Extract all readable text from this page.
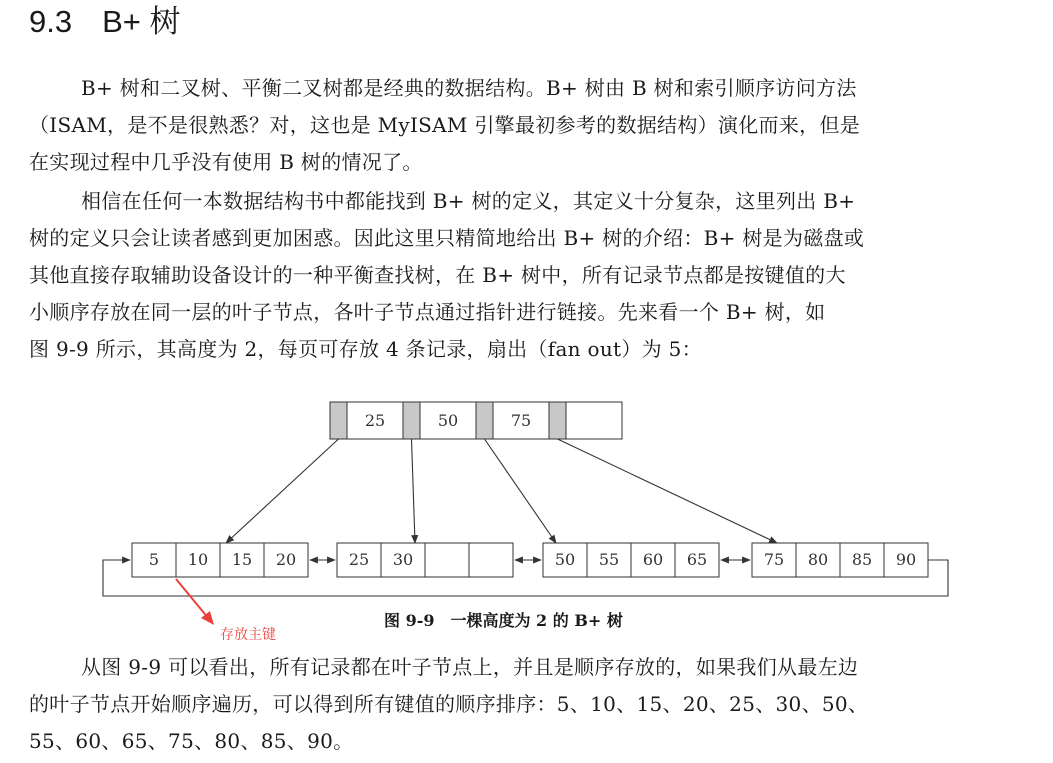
9.3 B+ 树

B+ 树和二叉树、平衡二叉树都是经典的数据结构。B+ 树由 B 树和索引顺序访问方法
（ISAM，是不是很熟悉？对，这也是 MyISAM 引擎最初参考的数据结构）演化而来，但是
在实现过程中几乎没有使用 B 树的情况了。

相信在任何一本数据结构书中都能找到 B+ 树的定义，其定义十分复杂，这里列出 B+
树的定义只会让读者感到更加困惑。因此这里只精简地给出 B+ 树的介绍：B+ 树是为磁盘或
其他直接存取辅助设备设计的一种平衡查找树，在 B+ 树中，所有记录节点都是按键值的大
小顺序存放在同一层的叶子节点，各叶子节点通过指针进行链接。先来看一个 B+ 树，如
图 9-9 所示，其高度为 2，每页可存放 4 条记录，扇出（fan out）为 5：

25	50	75
5 10 15 20	25 30	50 55 60 65	75 80 85 90
图 9-9　一棵高度为 2 的 B+ 树
存放主键

从图 9-9 可以看出，所有记录都在叶子节点上，并且是顺序存放的，如果我们从最左边
的叶子节点开始顺序遍历，可以得到所有键值的顺序排序：5、10、15、20、25、30、50、
55、60、65、75、80、85、90。
